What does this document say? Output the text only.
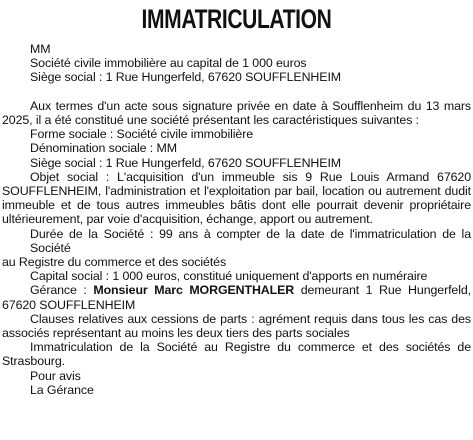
IMMATRICULATION
MM
Société civile immobilière au capital de 1 000 euros
Siège social : 1 Rue Hungerfeld, 67620 SOUFFLENHEIM
Aux termes d'un acte sous signature privée en date à Soufflenheim du 13 mars
2025, il a été constitué une société présentant les caractéristiques suivantes :
Forme sociale : Société civile immobilière
Dénomination sociale : MM
Siège social : 1 Rue Hungerfeld, 67620 SOUFFLENHEIM
Objet social : L'acquisition d'un immeuble sis 9 Rue Louis Armand 67620
SOUFFLENHEIM, l'administration et l'exploitation par bail, location ou autrement dudit
immeuble et de tous autres immeubles bâtis dont elle pourrait devenir propriétaire
ultérieurement, par voie d'acquisition, échange, apport ou autrement.
Durée de la Société : 99 ans à compter de la date de l'immatriculation de la Société
au Registre du commerce et des sociétés
Capital social : 1 000 euros, constitué uniquement d'apports en numéraire
Gérance : Monsieur Marc MORGENTHALER demeurant 1 Rue Hungerfeld,
67620 SOUFFLENHEIM
Clauses relatives aux cessions de parts : agrément requis dans tous les cas des
associés représentant au moins les deux tiers des parts sociales
Immatriculation de la Société au Registre du commerce et des sociétés de
Strasbourg.
Pour avis
La Gérance
